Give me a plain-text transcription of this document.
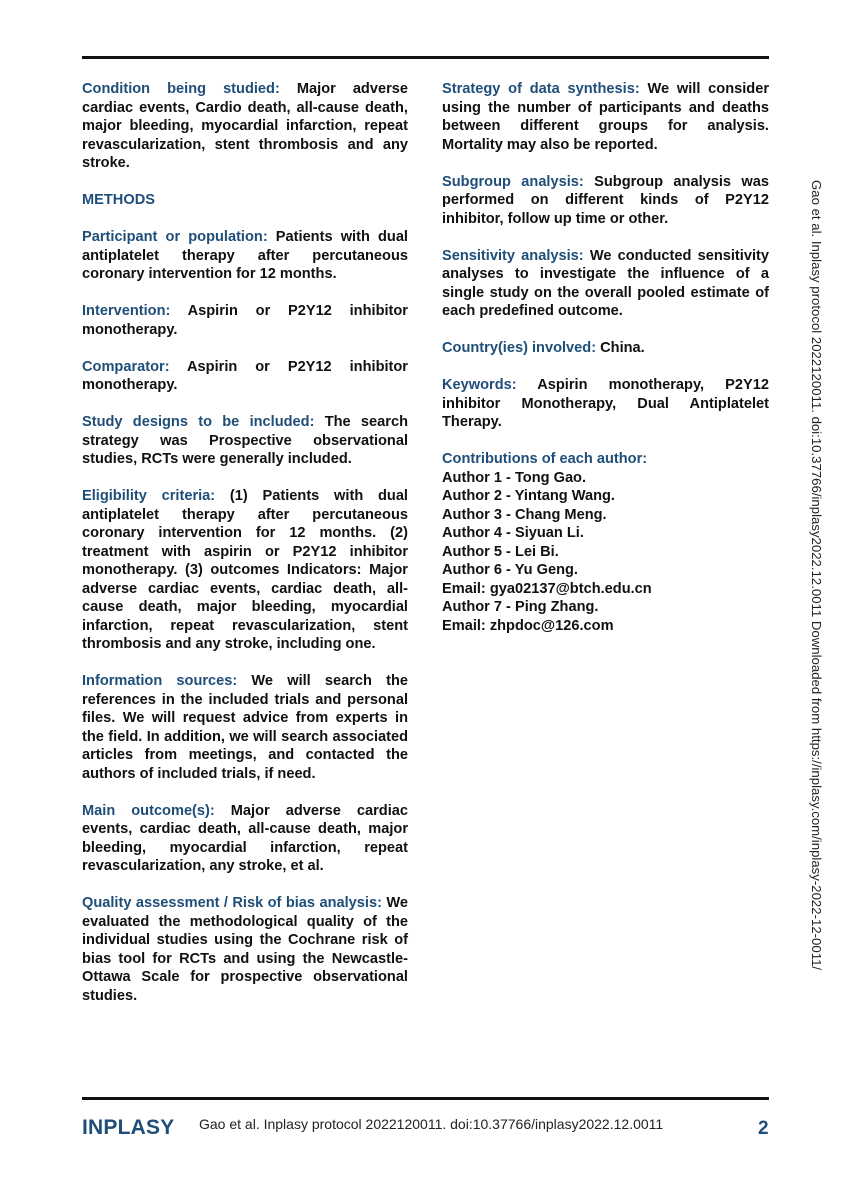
Condition being studied: Major adverse cardiac events, Cardio death, all-cause death, major bleeding, myocardial infarction, repeat revascularization, stent thrombosis and any stroke.

METHODS

Participant or population: Patients with dual antiplatelet therapy after percutaneous coronary intervention for 12 months.

Intervention: Aspirin or P2Y12 inhibitor monotherapy.

Comparator: Aspirin or P2Y12 inhibitor monotherapy.

Study designs to be included: The search strategy was Prospective observational studies, RCTs were generally included.

Eligibility criteria: (1) Patients with dual antiplatelet therapy after percutaneous coronary intervention for 12 months. (2) treatment with aspirin or P2Y12 inhibitor monotherapy. (3) outcomes Indicators: Major adverse cardiac events, cardiac death, all-cause death, major bleeding, myocardial infarction, repeat revascularization, stent thrombosis and any stroke, including one.

Information sources: We will search the references in the included trials and personal files. We will request advice from experts in the field. In addition, we will search associated articles from meetings, and contacted the authors of included trials, if need.

Main outcome(s): Major adverse cardiac events, cardiac death, all-cause death, major bleeding, myocardial infarction, repeat revascularization, any stroke, et al.

Quality assessment / Risk of bias analysis: We evaluated the methodological quality of the individual studies using the Cochrane risk of bias tool for RCTs and using the Newcastle-Ottawa Scale for prospective observational studies.

Strategy of data synthesis: We will consider using the number of participants and deaths between different groups for analysis. Mortality may also be reported.

Subgroup analysis: Subgroup analysis was performed on different kinds of P2Y12 inhibitor, follow up time or other.

Sensitivity analysis: We conducted sensitivity analyses to investigate the influence of a single study on the overall pooled estimate of each predefined outcome.

Country(ies) involved: China.

Keywords: Aspirin monotherapy, P2Y12 inhibitor Monotherapy, Dual Antiplatelet Therapy.

Contributions of each author:
Author 1 - Tong Gao.
Author 2 - Yintang Wang.
Author 3 - Chang Meng.
Author 4 - Siyuan Li.
Author 5 - Lei Bi.
Author 6 - Yu Geng.
Email: gya02137@btch.edu.cn
Author 7 - Ping Zhang.
Email: zhpdoc@126.com	Gao et al. Inplasy protocol 2022120011. doi:10.37766/inplasy2022.12.0011 Downloaded from https://inplasy.com/inplasy-2022-12-0011/
INPLASY Gao et al. Inplasy protocol 2022120011. doi:10.37766/inplasy2022.12.0011	2
